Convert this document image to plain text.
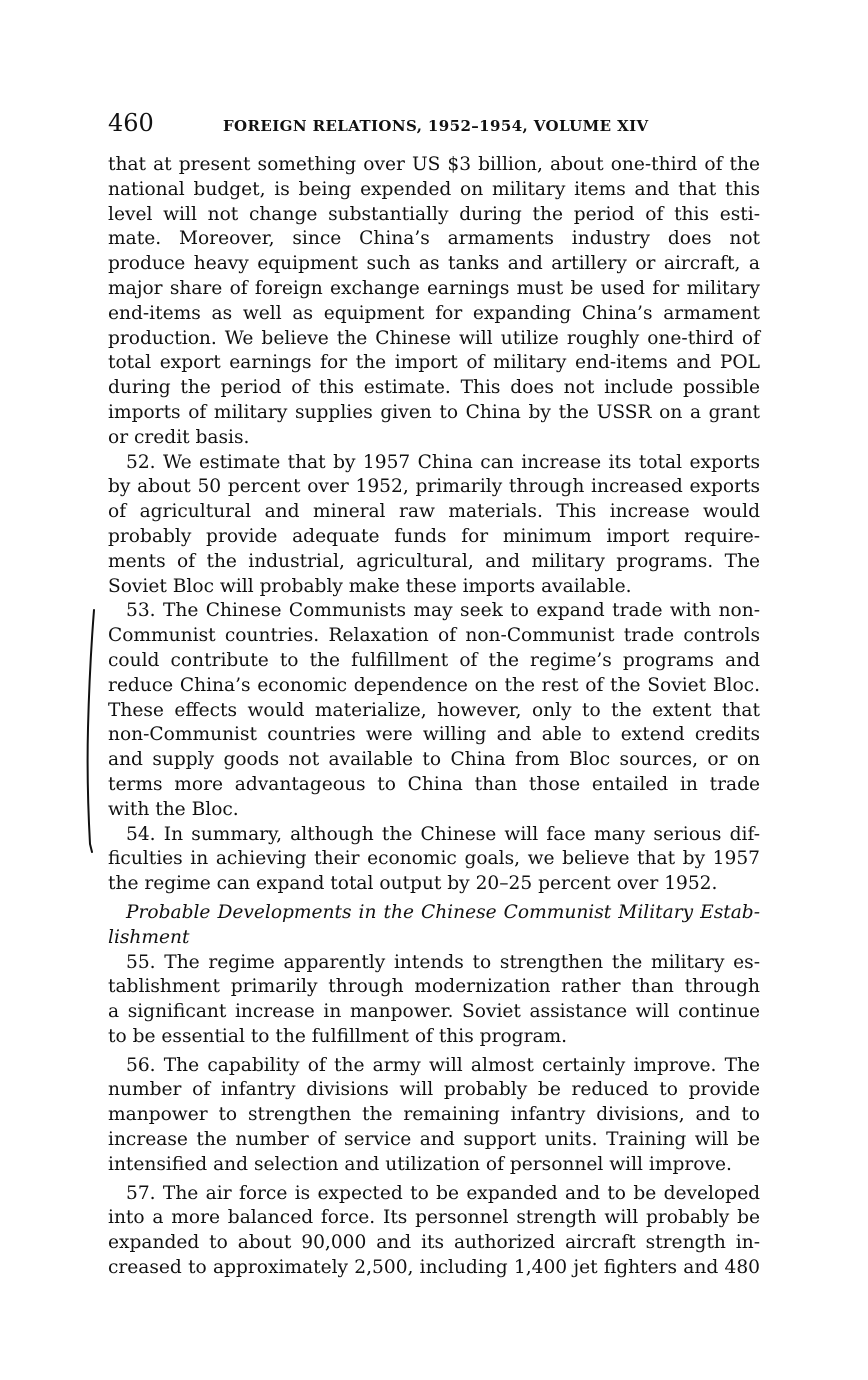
460	FOREIGN RELATIONS, 1952–1954, VOLUME XIV
that at present something over US $3 billion, about one-third of the
national budget, is being expended on military items and that this
level will not change substantially during the period of this esti-
mate. Moreover, since China’s armaments industry does not
produce heavy equipment such as tanks and artillery or aircraft, a
major share of foreign exchange earnings must be used for military
end-items as well as equipment for expanding China’s armament
production. We believe the Chinese will utilize roughly one-third of
total export earnings for the import of military end-items and POL
during the period of this estimate. This does not include possible
imports of military supplies given to China by the USSR on a grant
or credit basis.
52. We estimate that by 1957 China can increase its total exports
by about 50 percent over 1952, primarily through increased exports
of agricultural and mineral raw materials. This increase would
probably provide adequate funds for minimum import require-
ments of the industrial, agricultural, and military programs. The
Soviet Bloc will probably make these imports available.
53. The Chinese Communists may seek to expand trade with non-
Communist countries. Relaxation of non-Communist trade controls
could contribute to the fulfillment of the regime’s programs and
reduce China’s economic dependence on the rest of the Soviet Bloc.
These effects would materialize, however, only to the extent that
non-Communist countries were willing and able to extend credits
and supply goods not available to China from Bloc sources, or on
terms more advantageous to China than those entailed in trade
with the Bloc.
54. In summary, although the Chinese will face many serious dif-
ficulties in achieving their economic goals, we believe that by 1957
the regime can expand total output by 20–25 percent over 1952.
Probable Developments in the Chinese Communist Military Estab-
lishment
55. The regime apparently intends to strengthen the military es-
tablishment primarily through modernization rather than through
a significant increase in manpower. Soviet assistance will continue
to be essential to the fulfillment of this program.
56. The capability of the army will almost certainly improve. The
number of infantry divisions will probably be reduced to provide
manpower to strengthen the remaining infantry divisions, and to
increase the number of service and support units. Training will be
intensified and selection and utilization of personnel will improve.
57. The air force is expected to be expanded and to be developed
into a more balanced force. Its personnel strength will probably be
expanded to about 90,000 and its authorized aircraft strength in-
creased to approximately 2,500, including 1,400 jet fighters and 480
